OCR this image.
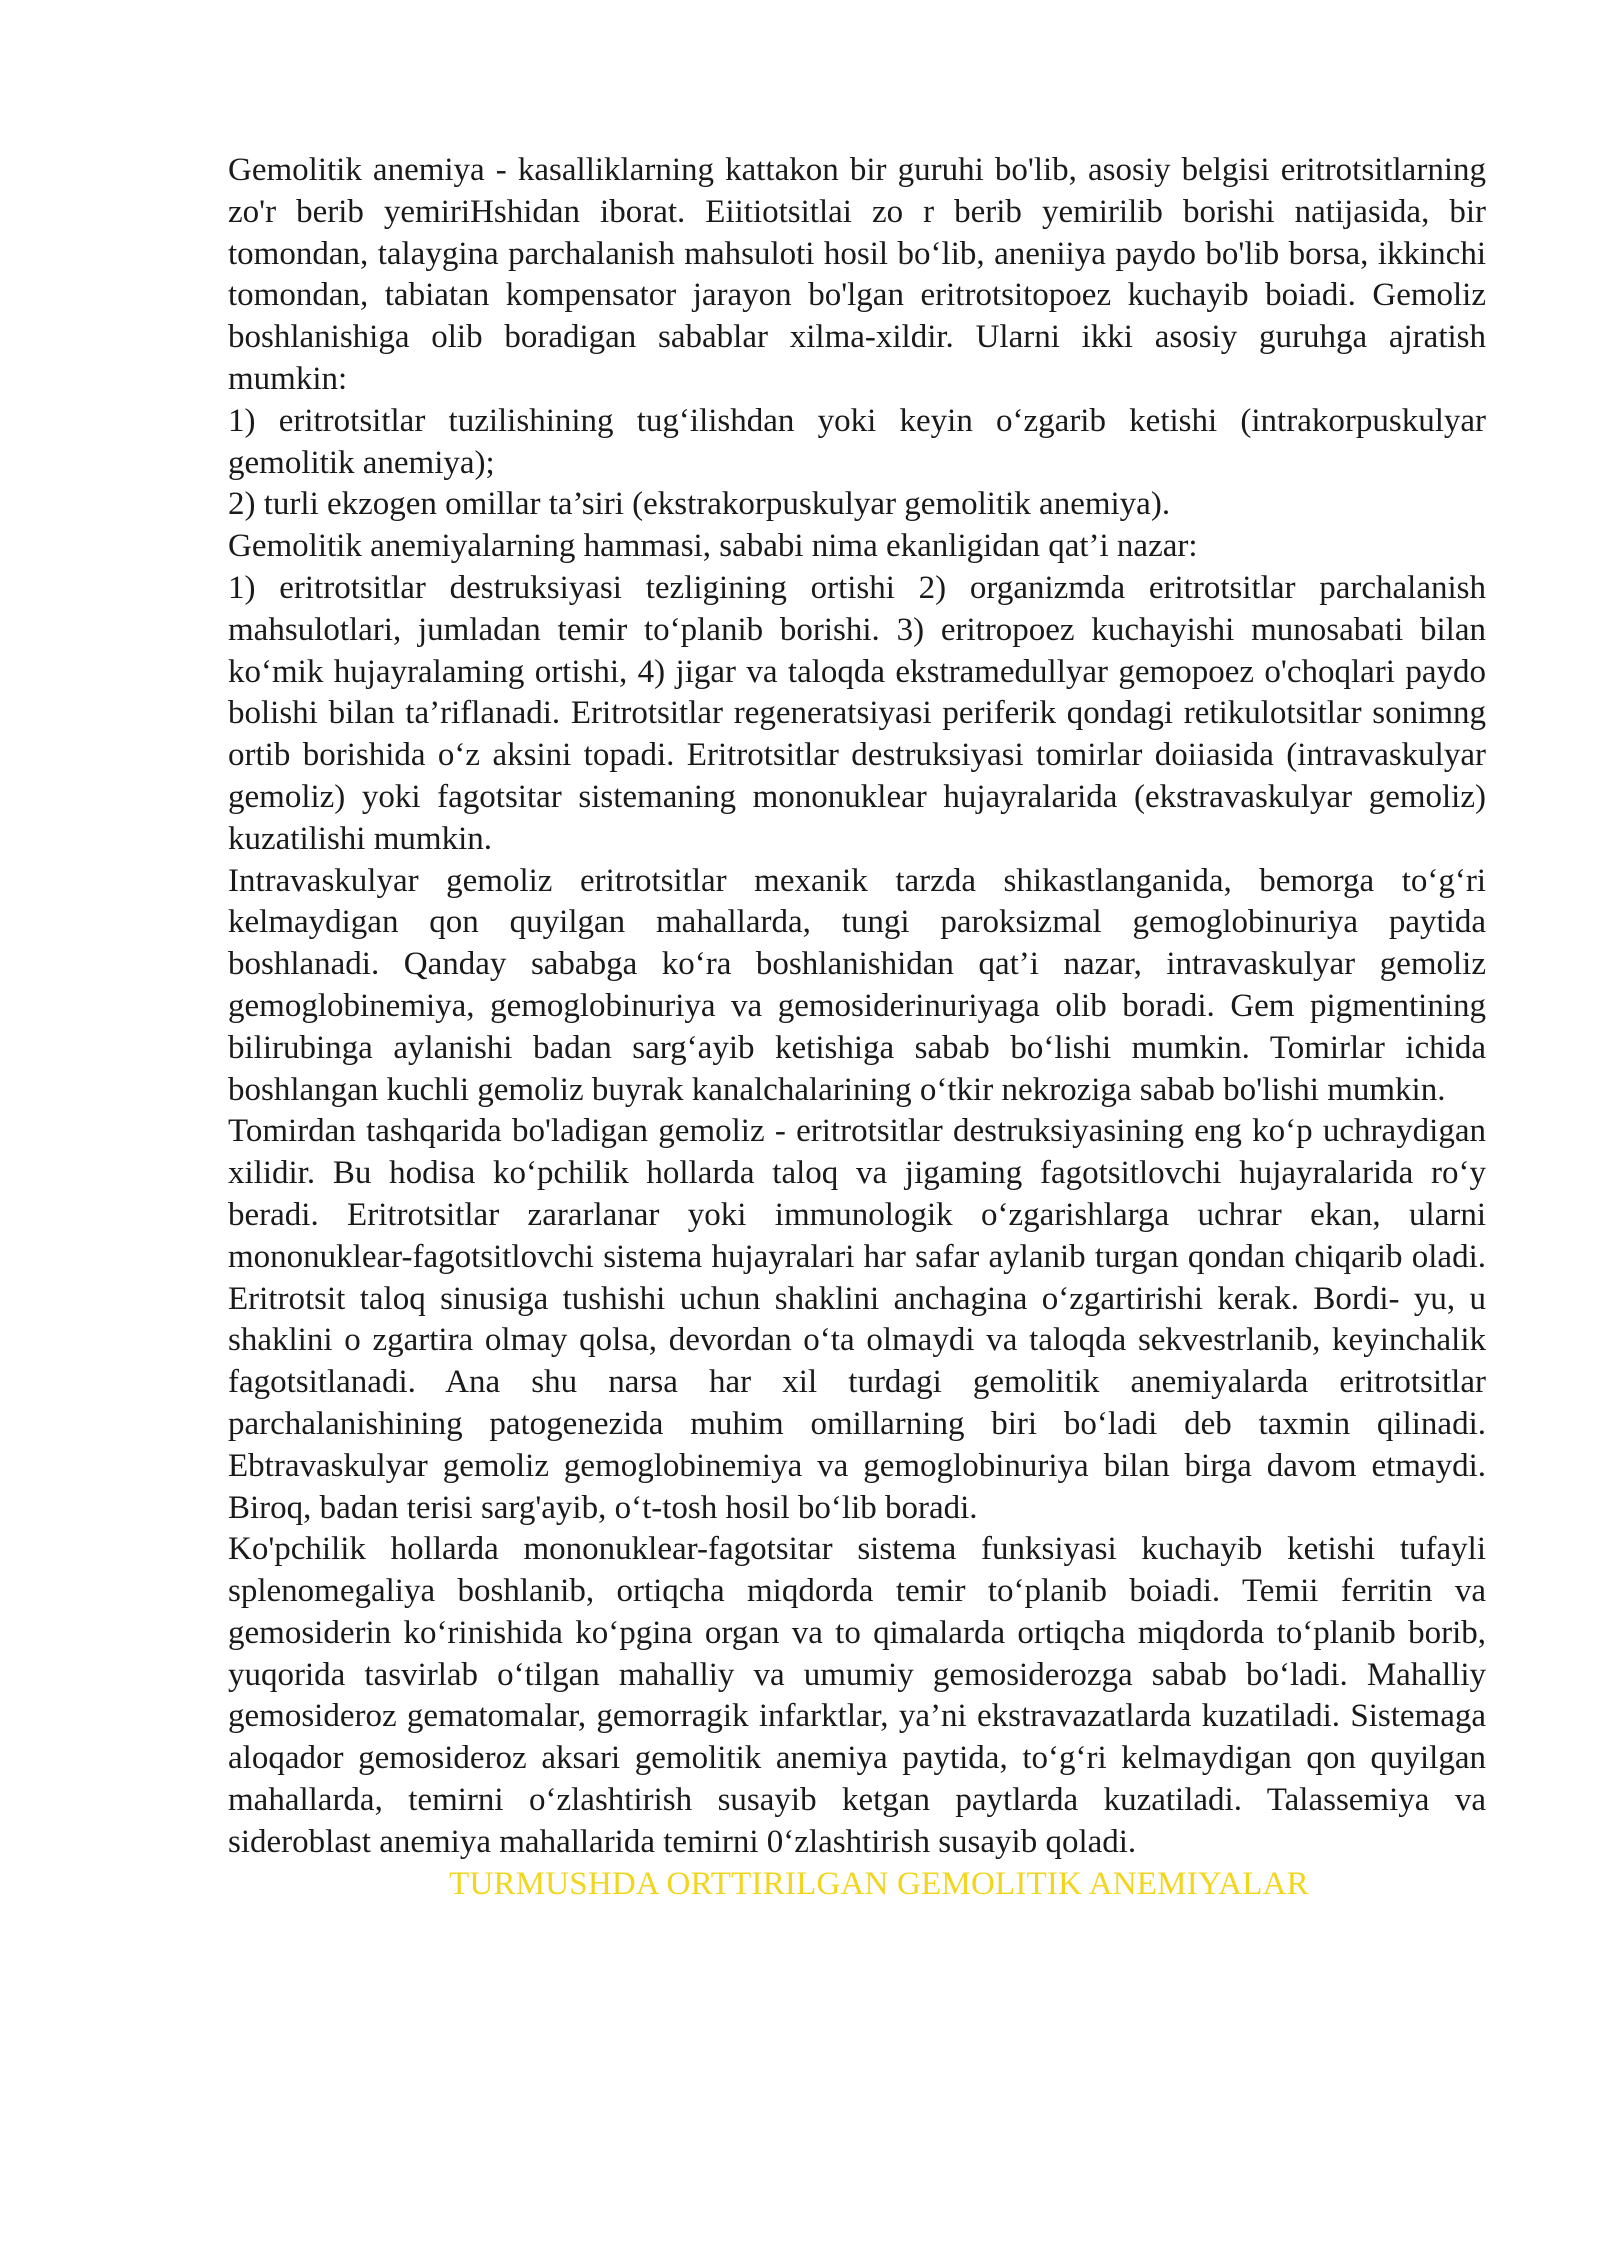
Gemolitik anemiya - kasalliklarning kattakon bir guruhi bo'lib, asosiy belgisi eritrotsitlarning zo'r berib yemiriHshidan iborat. Eiitiotsitlai zo r berib yemirilib borishi natijasida, bir tomondan, talaygina parchalanish mahsuloti hosil bo‘lib, aneniiya paydo bo'lib borsa, ikkinchi tomondan, tabiatan kompensator jarayon bo'lgan eritrotsitopoez kuchayib boiadi. Gemoliz boshlanishiga olib boradigan sabablar xilma-xildir. Ularni ikki asosiy guruhga ajratish mumkin:

1) eritrotsitlar tuzilishining tug‘ilishdan yoki keyin o‘zgarib ketishi (intrakorpuskulyar gemolitik anemiya);

2) turli ekzogen omillar ta’siri (ekstrakorpuskulyar gemolitik anemiya).

Gemolitik anemiyalarning hammasi, sababi nima ekanligidan qat’i nazar:

1) eritrotsitlar destruksiyasi tezligining ortishi 2) organizmda eritrotsitlar parchalanish mahsulotlari, jumladan temir to‘planib borishi. 3) eritropoez kuchayishi munosabati bilan ko‘mik hujayralaming ortishi, 4) jigar va taloqda ekstramedullyar gemopoez o'choqlari paydo bolishi bilan ta’riflanadi. Eritrotsitlar regeneratsiyasi periferik qondagi retikulotsitlar sonimng ortib borishida o‘z aksini topadi. Eritrotsitlar destruksiyasi tomirlar doiiasida (intravaskulyar gemoliz) yoki fagotsitar sistemaning mononuklear hujayralarida (ekstravaskulyar gemoliz) kuzatilishi mumkin.

Intravaskulyar gemoliz eritrotsitlar mexanik tarzda shikastlanganida, bemorga to‘g‘ri kelmaydigan qon quyilgan mahallarda, tungi paroksizmal gemoglobinuriya paytida boshlanadi. Qanday sababga ko‘ra boshlanishidan qat’i nazar, intravaskulyar gemoliz gemoglobinemiya, gemoglobinuriya va gemosiderinuriyaga olib boradi. Gem pigmentining bilirubinga aylanishi badan sarg‘ayib ketishiga sabab bo‘lishi mumkin. Tomirlar ichida boshlangan kuchli gemoliz buyrak kanalchalarining o‘tkir nekroziga sabab bo'lishi mumkin.

Tomirdan tashqarida bo'ladigan gemoliz - eritrotsitlar destruksiyasining eng ko‘p uchraydigan xilidir. Bu hodisa ko‘pchilik hollarda taloq va jigaming fagotsitlovchi hujayralarida ro‘y beradi. Eritrotsitlar zararlanar yoki immunologik o‘zgarishlarga uchrar ekan, ularni mononuklear-fagotsitlovchi sistema hujayralari har safar aylanib turgan qondan chiqarib oladi. Eritrotsit taloq sinusiga tushishi uchun shaklini anchagina o‘zgartirishi kerak. Bordi- yu, u shaklini o zgartira olmay qolsa, devordan o‘ta olmaydi va taloqda sekvestrlanib, keyinchalik fagotsitlanadi. Ana shu narsa har xil turdagi gemolitik anemiyalarda eritrotsitlar parchalanishining patogenezida muhim omillarning biri bo‘ladi deb taxmin qilinadi. Ebtravaskulyar gemoliz gemoglobinemiya va gemoglobinuriya bilan birga davom etmaydi. Biroq, badan terisi sarg'ayib, o‘t-tosh hosil bo‘lib boradi.

Ko'pchilik hollarda mononuklear-fagotsitar sistema funksiyasi kuchayib ketishi tufayli splenomegaliya boshlanib, ortiqcha miqdorda temir to‘planib boiadi. Temii ferritin va gemosiderin ko‘rinishida ko‘pgina organ va to qimalarda ortiqcha miqdorda to‘planib borib, yuqorida tasvirlab o‘tilgan mahalliy va umumiy gemosiderozga sabab bo‘ladi. Mahalliy gemosideroz gematomalar, gemorragik infarktlar, ya’ni ekstravazatlarda kuzatiladi. Sistemaga aloqador gemosideroz aksari gemolitik anemiya paytida, to‘g‘ri kelmaydigan qon quyilgan mahallarda, temirni o‘zlashtirish susayib ketgan paytlarda kuzatiladi. Talassemiya va sideroblast anemiya mahallarida temirni 0‘zlashtirish susayib qoladi.

TURMUSHDA ORTTIRILGAN GEMOLITIK ANEMIYALAR
